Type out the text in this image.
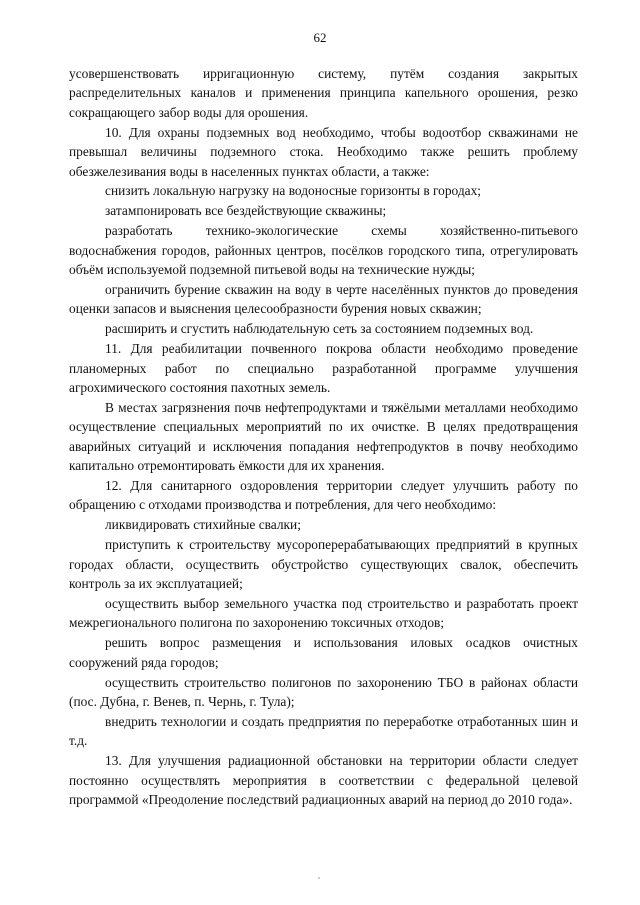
62

усовершенствовать ирригационную систему, путём создания закрытых распределительных каналов и применения принципа капельного орошения, резко сокращающего забор воды для орошения.

10. Для охраны подземных вод необходимо, чтобы водоотбор скважинами не превышал величины подземного стока. Необходимо также решить проблему обезжелезивания воды в населенных пунктах области, а также:

снизить локальную нагрузку на водоносные горизонты в городах;

затампонировать все бездействующие скважины;

разработать технико-экологические схемы хозяйственно-питьевого водоснабжения городов, районных центров, посёлков городского типа, отрегулировать объём используемой подземной питьевой воды на технические нужды;

ограничить бурение скважин на воду в черте населённых пунктов до проведения оценки запасов и выяснения целесообразности бурения новых скважин;

расширить и сгустить наблюдательную сеть за состоянием подземных вод.

11. Для реабилитации почвенного покрова области необходимо проведение планомерных работ по специально разработанной программе улучшения агрохимического состояния пахотных земель.

В местах загрязнения почв нефтепродуктами и тяжёлыми металлами необходимо осуществление специальных мероприятий по их очистке. В целях предотвращения аварийных ситуаций и исключения попадания нефтепродуктов в почву необходимо капитально отремонтировать ёмкости для их хранения.

12. Для санитарного оздоровления территории следует улучшить работу по обращению с отходами производства и потребления, для чего необходимо:

ликвидировать стихийные свалки;

приступить к строительству мусороперерабатывающих предприятий в крупных городах области, осуществить обустройство существующих свалок, обеспечить контроль за их эксплуатацией;

осуществить выбор земельного участка под строительство и разработать проект межрегионального полигона по захоронению токсичных отходов;

решить вопрос размещения и использования иловых осадков очистных сооружений ряда городов;

осуществить строительство полигонов по захоронению ТБО в районах области (пос. Дубна, г. Венев, п. Чернь, г. Тула);

внедрить технологии и создать предприятия по переработке отработанных шин и т.д.

13. Для улучшения радиационной обстановки на территории области следует постоянно осуществлять мероприятия в соответствии с федеральной целевой программой «Преодоление последствий радиационных аварий на период до 2010 года».
